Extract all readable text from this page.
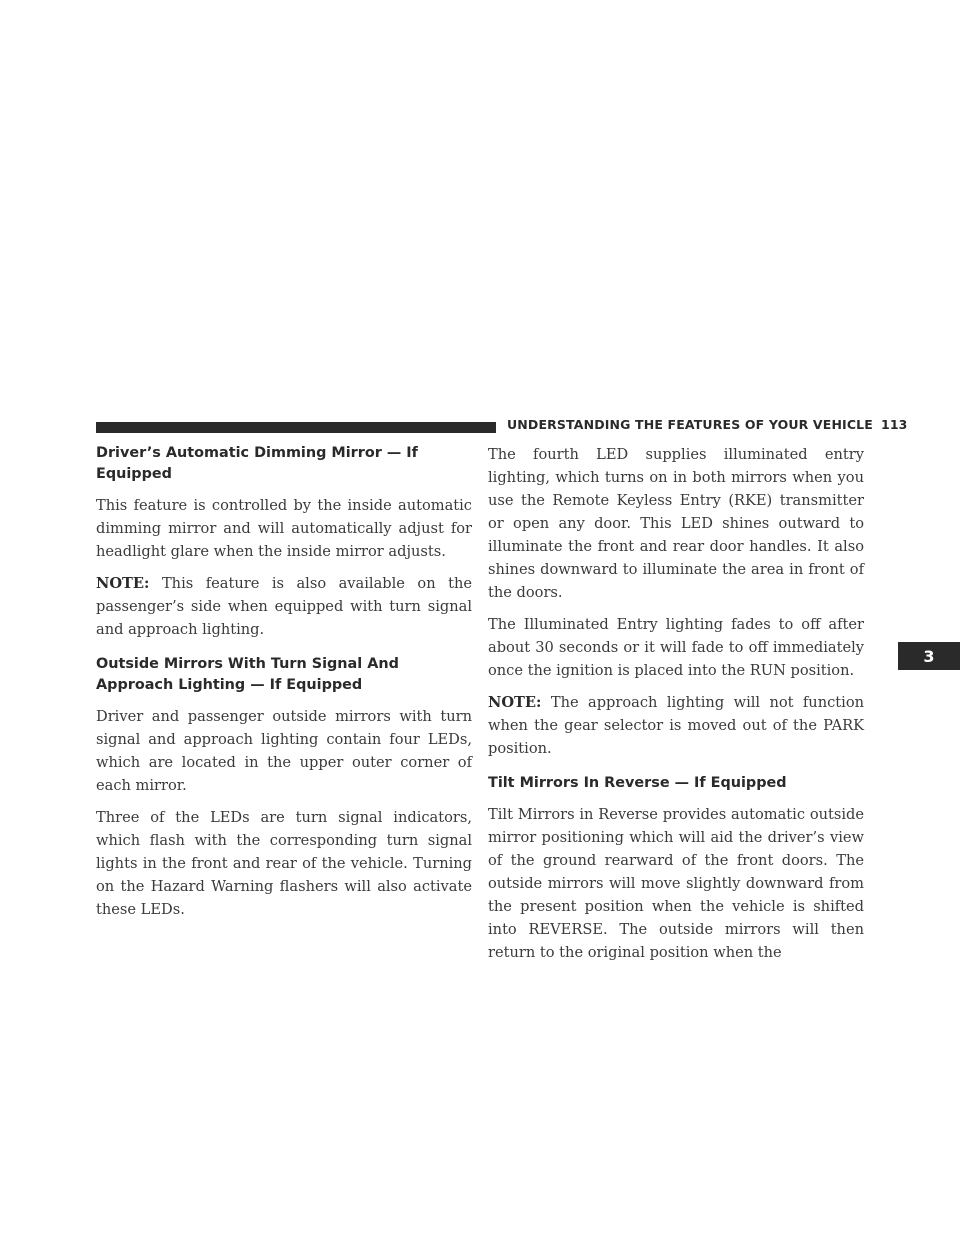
UNDERSTANDING THE FEATURES OF YOUR VEHICLE 113
3
Driver’s Automatic Dimming Mirror — If Equipped

This feature is controlled by the inside automatic dimming mirror and will automatically adjust for headlight glare when the inside mirror adjusts.

NOTE: This feature is also available on the passenger’s side when equipped with turn signal and approach lighting.

Outside Mirrors With Turn Signal And Approach Lighting — If Equipped

Driver and passenger outside mirrors with turn signal and approach lighting contain four LEDs, which are located in the upper outer corner of each mirror.

Three of the LEDs are turn signal indicators, which flash with the corresponding turn signal lights in the front and rear of the vehicle. Turning on the Hazard Warning flashers will also activate these LEDs.

The fourth LED supplies illuminated entry lighting, which turns on in both mirrors when you use the Remote Keyless Entry (RKE) transmitter or open any door. This LED shines outward to illuminate the front and rear door handles. It also shines downward to illuminate the area in front of the doors.

The Illuminated Entry lighting fades to off after about 30 seconds or it will fade to off immediately once the ignition is placed into the RUN position.

NOTE: The approach lighting will not function when the gear selector is moved out of the PARK position.

Tilt Mirrors In Reverse — If Equipped

Tilt Mirrors in Reverse provides automatic outside mirror positioning which will aid the driver’s view of the ground rearward of the front doors. The outside mirrors will move slightly downward from the present position when the vehicle is shifted into REVERSE. The outside mirrors will then return to the original position when the
